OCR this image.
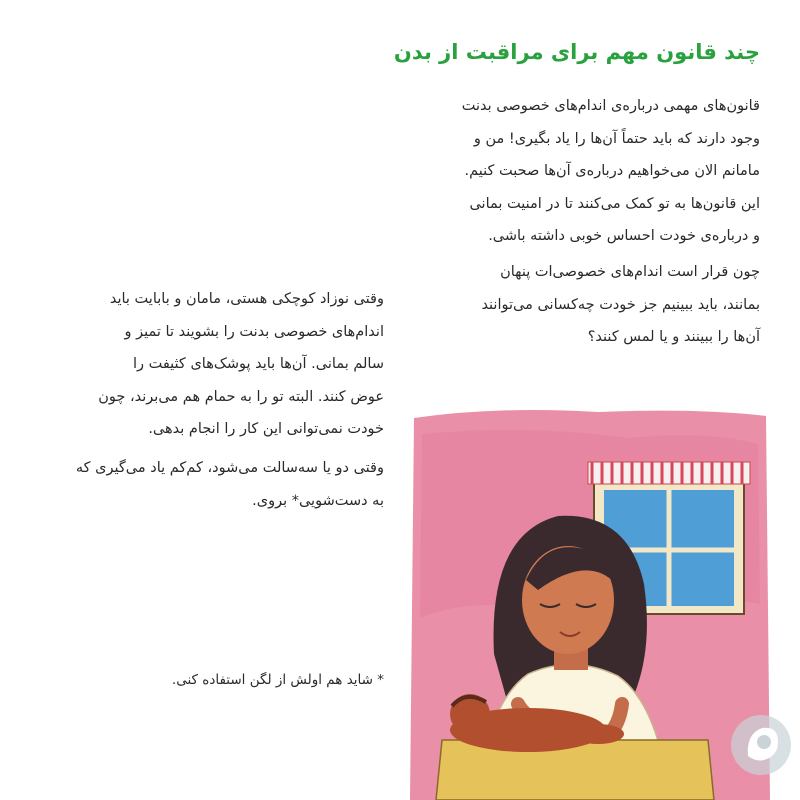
چند قانون مهم برای مراقبت از بدن
قانون‌های مهمی درباره‌ی اندام‌های خصوصی بدنت
وجود دارند که باید حتماً آن‌ها را یاد بگیری! من و
مامانم الان می‌خواهیم درباره‌ی آن‌ها صحبت کنیم.
این قانون‌ها به تو کمک می‌کنند تا در امنیت بمانی
و درباره‌ی خودت احساس خوبی داشته باشی.
چون قرار است اندام‌های خصوصی‌ات پنهان
بمانند، باید ببینیم جز خودت چه‌کسانی می‌توانند
آن‌ها را ببینند و یا لمس کنند؟
وقتی نوزاد کوچکی هستی، مامان و بابایت باید
اندام‌های خصوصی بدنت را بشویند تا تمیز و
سالم بمانی. آن‌ها باید پوشک‌های کثیفت را
عوض کنند. البته تو را به حمام هم می‌برند، چون
خودت نمی‌توانی این کار را انجام بدهی.
وقتی دو یا سه‌سالت می‌شود، کم‌کم یاد می‌گیری که
به دست‌شویی* بروی.
* شاید هم اولش از لگن استفاده کنی.
